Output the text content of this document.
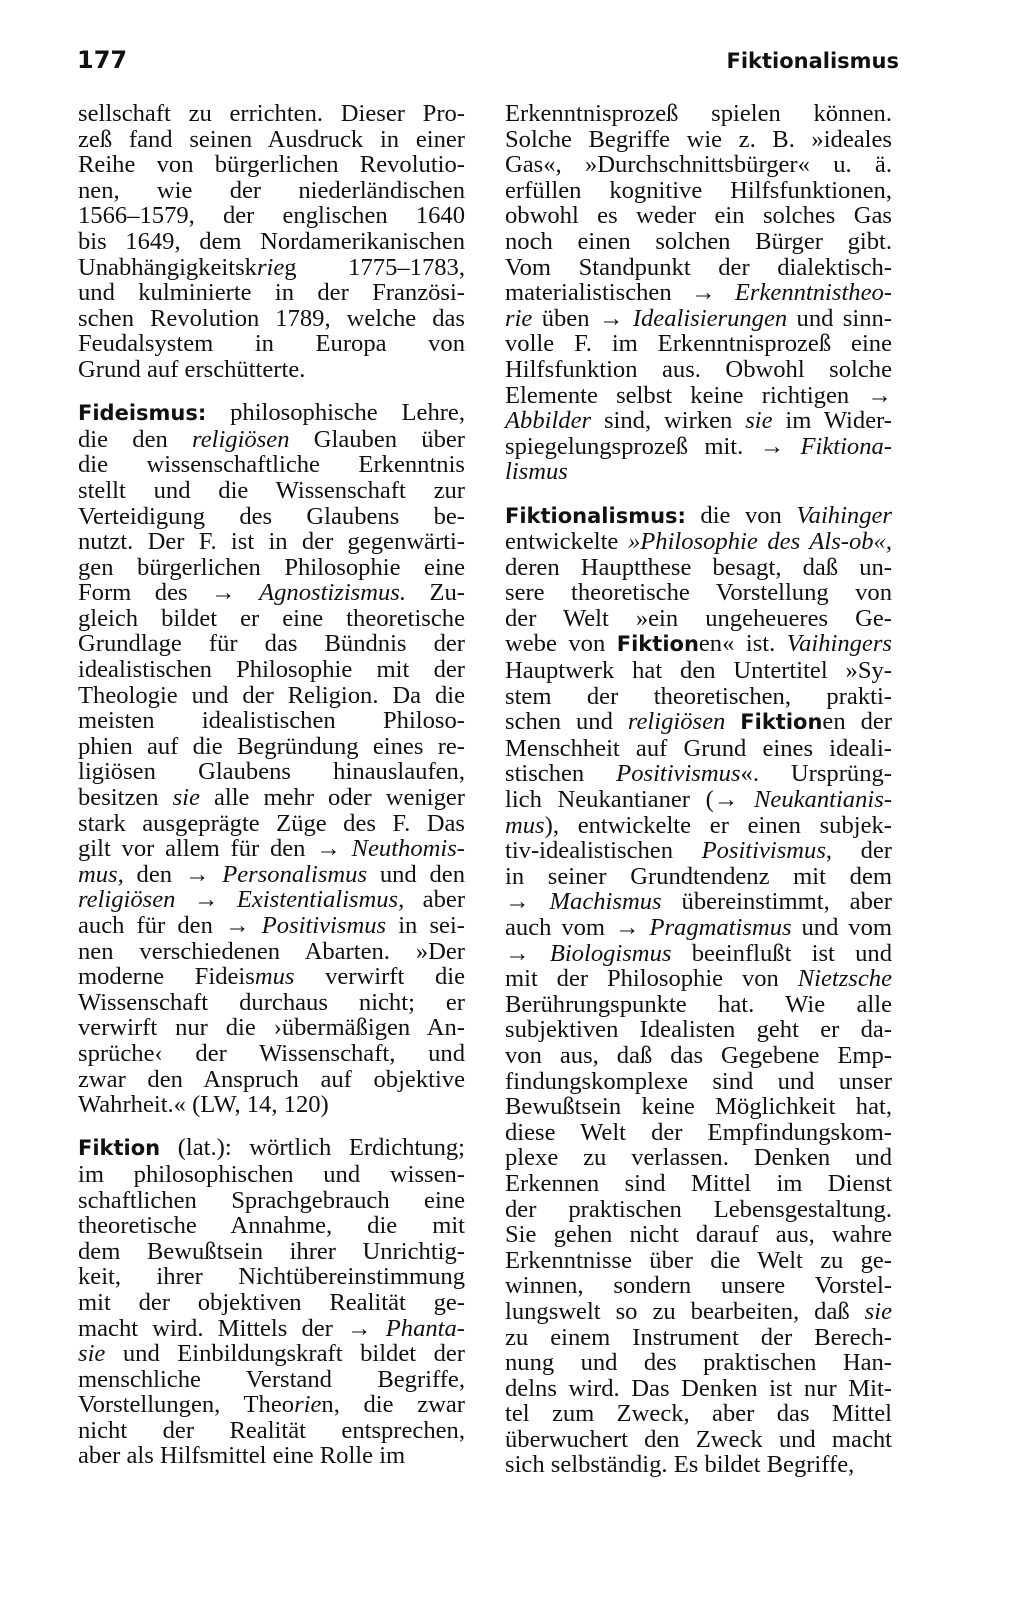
177	Fiktionalismus
sellschaft zu errichten. Dieser Pro-
zeß fand seinen Ausdruck in einer
Reihe von bürgerlichen Revolutio-
nen, wie der niederländischen
1566–1579, der englischen 1640
bis 1649, dem Nordamerikanischen
Unabhängigkeitskrieg 1775–1783,
und kulminierte in der Französi-
schen Revolution 1789, welche das
Feudalsystem in Europa von
Grund auf erschütterte.
Fideismus: philosophische Lehre,
die den religiösen Glauben über
die wissenschaftliche Erkenntnis
stellt und die Wissenschaft zur
Verteidigung des Glaubens be-
nutzt. Der F. ist in der gegenwärti-
gen bürgerlichen Philosophie eine
Form des → Agnostizismus. Zu-
gleich bildet er eine theoretische
Grundlage für das Bündnis der
idealistischen Philosophie mit der
Theologie und der Religion. Da die
meisten idealistischen Philoso-
phien auf die Begründung eines re-
ligiösen Glaubens hinauslaufen,
besitzen sie alle mehr oder weniger
stark ausgeprägte Züge des F. Das
gilt vor allem für den → Neuthomis-
mus, den → Personalismus und den
religiösen → Existentialismus, aber
auch für den → Positivismus in sei-
nen verschiedenen Abarten. »Der
moderne Fideismus verwirft die
Wissenschaft durchaus nicht; er
verwirft nur die ›übermäßigen An-
sprüche‹ der Wissenschaft, und
zwar den Anspruch auf objektive
Wahrheit.« (LW, 14, 120)
Fiktion (lat.): wörtlich Erdichtung;
im philosophischen und wissen-
schaftlichen Sprachgebrauch eine
theoretische Annahme, die mit
dem Bewußtsein ihrer Unrichtig-
keit, ihrer Nichtübereinstimmung
mit der objektiven Realität ge-
macht wird. Mittels der → Phanta-
sie und Einbildungskraft bildet der
menschliche Verstand Begriffe,
Vorstellungen, Theorien, die zwar
nicht der Realität entsprechen,
aber als Hilfsmittel eine Rolle im
Erkenntnisprozeß spielen können.
Solche Begriffe wie z. B. »ideales
Gas«, »Durchschnittsbürger« u. ä.
erfüllen kognitive Hilfsfunktionen,
obwohl es weder ein solches Gas
noch einen solchen Bürger gibt.
Vom Standpunkt der dialektisch-
materialistischen → Erkenntnistheo-
rie üben → Idealisierungen und sinn-
volle F. im Erkenntnisprozeß eine
Hilfsfunktion aus. Obwohl solche
Elemente selbst keine richtigen →
Abbilder sind, wirken sie im Wider-
spiegelungsprozeß mit. → Fiktiona-
lismus
Fiktionalismus: die von Vaihinger
entwickelte »Philosophie des Als-ob«,
deren Hauptthese besagt, daß un-
sere theoretische Vorstellung von
der Welt »ein ungeheueres Ge-
webe von Fiktionen« ist. Vaihingers
Hauptwerk hat den Untertitel »Sy-
stem der theoretischen, prakti-
schen und religiösen Fiktionen der
Menschheit auf Grund eines ideali-
stischen Positivismus«. Ursprüng-
lich Neukantianer (→ Neukantianis-
mus), entwickelte er einen subjek-
tiv-idealistischen Positivismus, der
in seiner Grundtendenz mit dem
→ Machismus übereinstimmt, aber
auch vom → Pragmatismus und vom
→ Biologismus beeinflußt ist und
mit der Philosophie von Nietzsche
Berührungspunkte hat. Wie alle
subjektiven Idealisten geht er da-
von aus, daß das Gegebene Emp-
findungskomplexe sind und unser
Bewußtsein keine Möglichkeit hat,
diese Welt der Empfindungskom-
plexe zu verlassen. Denken und
Erkennen sind Mittel im Dienst
der praktischen Lebensgestaltung.
Sie gehen nicht darauf aus, wahre
Erkenntnisse über die Welt zu ge-
winnen, sondern unsere Vorstel-
lungswelt so zu bearbeiten, daß sie
zu einem Instrument der Berech-
nung und des praktischen Han-
delns wird. Das Denken ist nur Mit-
tel zum Zweck, aber das Mittel
überwuchert den Zweck und macht
sich selbständig. Es bildet Begriffe,
